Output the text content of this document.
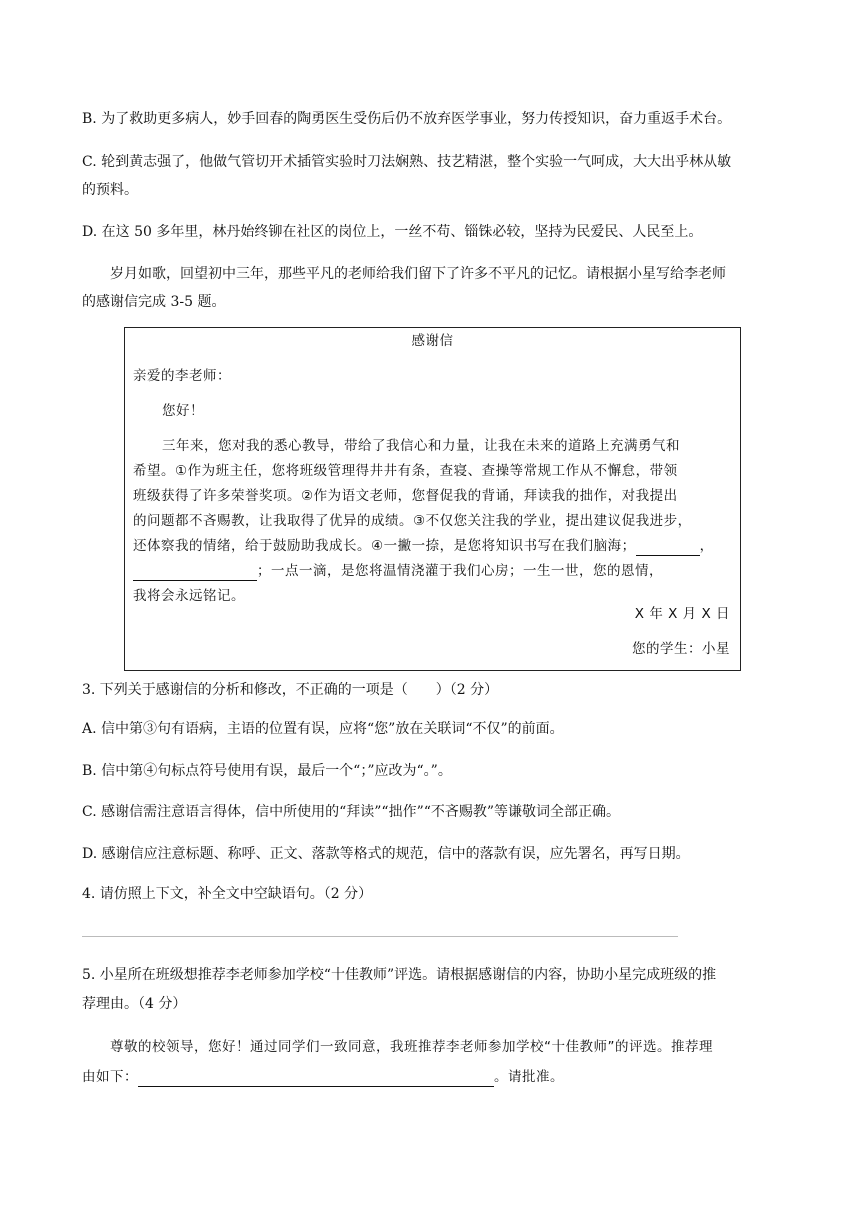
B. 为了救助更多病人，妙手回春的陶勇医生受伤后仍不放弃医学事业，努力传授知识，奋力重返手术台。
C. 轮到黄志强了，他做气管切开术插管实验时刀法娴熟、技艺精湛，整个实验一气呵成，大大出乎林从敏
的预料。
D. 在这 50 多年里，林丹始终铆在社区的岗位上，一丝不苟、锱铢必较，坚持为民爱民、人民至上。
岁月如歌，回望初中三年，那些平凡的老师给我们留下了许多不平凡的记忆。请根据小星写给李老师
的感谢信完成 3-5 题。
感谢信
亲爱的李老师：
您好！
三年来，您对我的悉心教导，带给了我信心和力量，让我在未来的道路上充满勇气和
希望。①作为班主任，您将班级管理得井井有条，查寝、查操等常规工作从不懈怠，带领
班级获得了许多荣誉奖项。②作为语文老师，您督促我的背诵，拜读我的拙作，对我提出
的问题都不吝赐教，让我取得了优异的成绩。③不仅您关注我的学业，提出建议促我进步，
还体察我的情绪，给于鼓励助我成长。④一撇一捺，是您将知识书写在我们脑海；	，
；一点一滴，是您将温情浇灌于我们心房；一生一世，您的恩情，
我将会永远铭记。
X 年 X 月 X 日
您的学生：小星
3. 下列关于感谢信的分析和修改，不正确的一项是（　　）（2 分）
A. 信中第③句有语病，主语的位置有误，应将“您”放在关联词“不仅”的前面。
B. 信中第④句标点符号使用有误，最后一个“；”应改为“。”。
C. 感谢信需注意语言得体，信中所使用的“拜读”“拙作”“不吝赐教”等谦敬词全部正确。
D. 感谢信应注意标题、称呼、正文、落款等格式的规范，信中的落款有误，应先署名，再写日期。
4. 请仿照上下文，补全文中空缺语句。（2 分）
5. 小星所在班级想推荐李老师参加学校“十佳教师”评选。请根据感谢信的内容，协助小星完成班级的推
荐理由。（4 分）
尊敬的校领导，您好！通过同学们一致同意，我班推荐李老师参加学校“十佳教师”的评选。推荐理
由如下：	。请批准。
